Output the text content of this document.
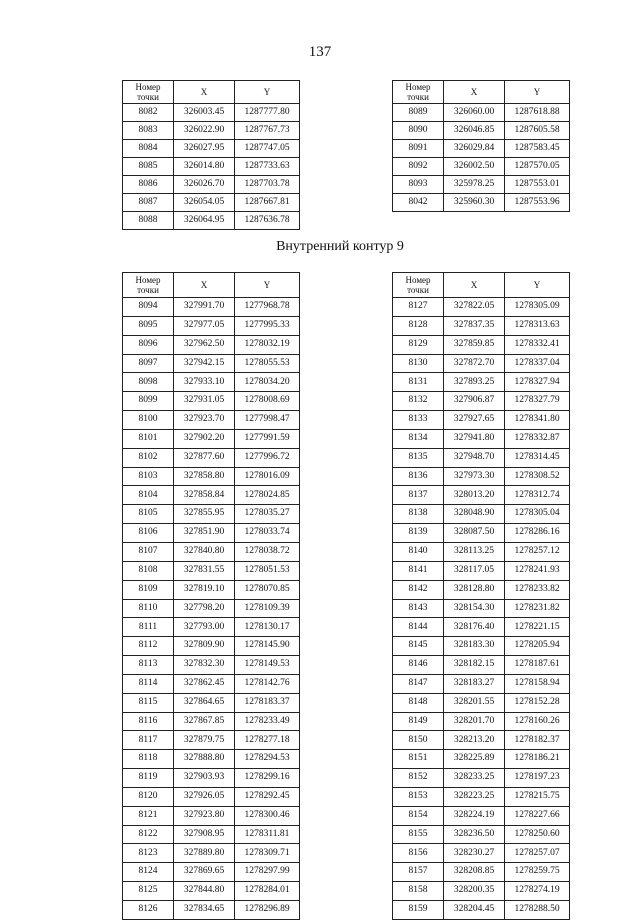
137
Номер точки	X	Y
8082	326003.45	1287777.80
8083	326022.90	1287767.73
8084	326027.95	1287747.05
8085	326014.80	1287733.63
8086	326026.70	1287703.78
8087	326054.05	1287667.81
8088	326064.95	1287636.78
Номер точки	X	Y
8089	326060.00	1287618.88
8090	326046.85	1287605.58
8091	326029.84	1287583.45
8092	326002.50	1287570.05
8093	325978.25	1287553.01
8042	325960.30	1287553.96
Внутренний контур 9
Номер точки	X	Y
8094	327991.70	1277968.78
8095	327977.05	1277995.33
8096	327962.50	1278032.19
8097	327942.15	1278055.53
8098	327933.10	1278034.20
8099	327931.05	1278008.69
8100	327923.70	1277998.47
8101	327902.20	1277991.59
8102	327877.60	1277996.72
8103	327858.80	1278016.09
8104	327858.84	1278024.85
8105	327855.95	1278035.27
8106	327851.90	1278033.74
8107	327840.80	1278038.72
8108	327831.55	1278051.53
8109	327819.10	1278070.85
8110	327798.20	1278109.39
8111	327793.00	1278130.17
8112	327809.90	1278145.90
8113	327832.30	1278149.53
8114	327862.45	1278142.76
8115	327864.65	1278183.37
8116	327867.85	1278233.49
8117	327879.75	1278277.18
8118	327888.80	1278294.53
8119	327903.93	1278299.16
8120	327926.05	1278292.45
8121	327923.80	1278300.46
8122	327908.95	1278311.81
8123	327889.80	1278309.71
8124	327869.65	1278297.99
8125	327844.80	1278284.01
8126	327834.65	1278296.89
Номер точки	X	Y
8127	327822.05	1278305.09
8128	327837.35	1278313.63
8129	327859.85	1278332.41
8130	327872.70	1278337.04
8131	327893.25	1278327.94
8132	327906.87	1278327.79
8133	327927.65	1278341.80
8134	327941.80	1278332.87
8135	327948.70	1278314.45
8136	327973.30	1278308.52
8137	328013.20	1278312.74
8138	328048.90	1278305.04
8139	328087.50	1278286.16
8140	328113.25	1278257.12
8141	328117.05	1278241.93
8142	328128.80	1278233.82
8143	328154.30	1278231.82
8144	328176.40	1278221.15
8145	328183.30	1278205.94
8146	328182.15	1278187.61
8147	328183.27	1278158.94
8148	328201.55	1278152.28
8149	328201.70	1278160.26
8150	328213.20	1278182.37
8151	328225.89	1278186.21
8152	328233.25	1278197.23
8153	328223.25	1278215.75
8154	328224.19	1278227.66
8155	328236.50	1278250.60
8156	328230.27	1278257.07
8157	328208.85	1278259.75
8158	328200.35	1278274.19
8159	328204.45	1278288.50
